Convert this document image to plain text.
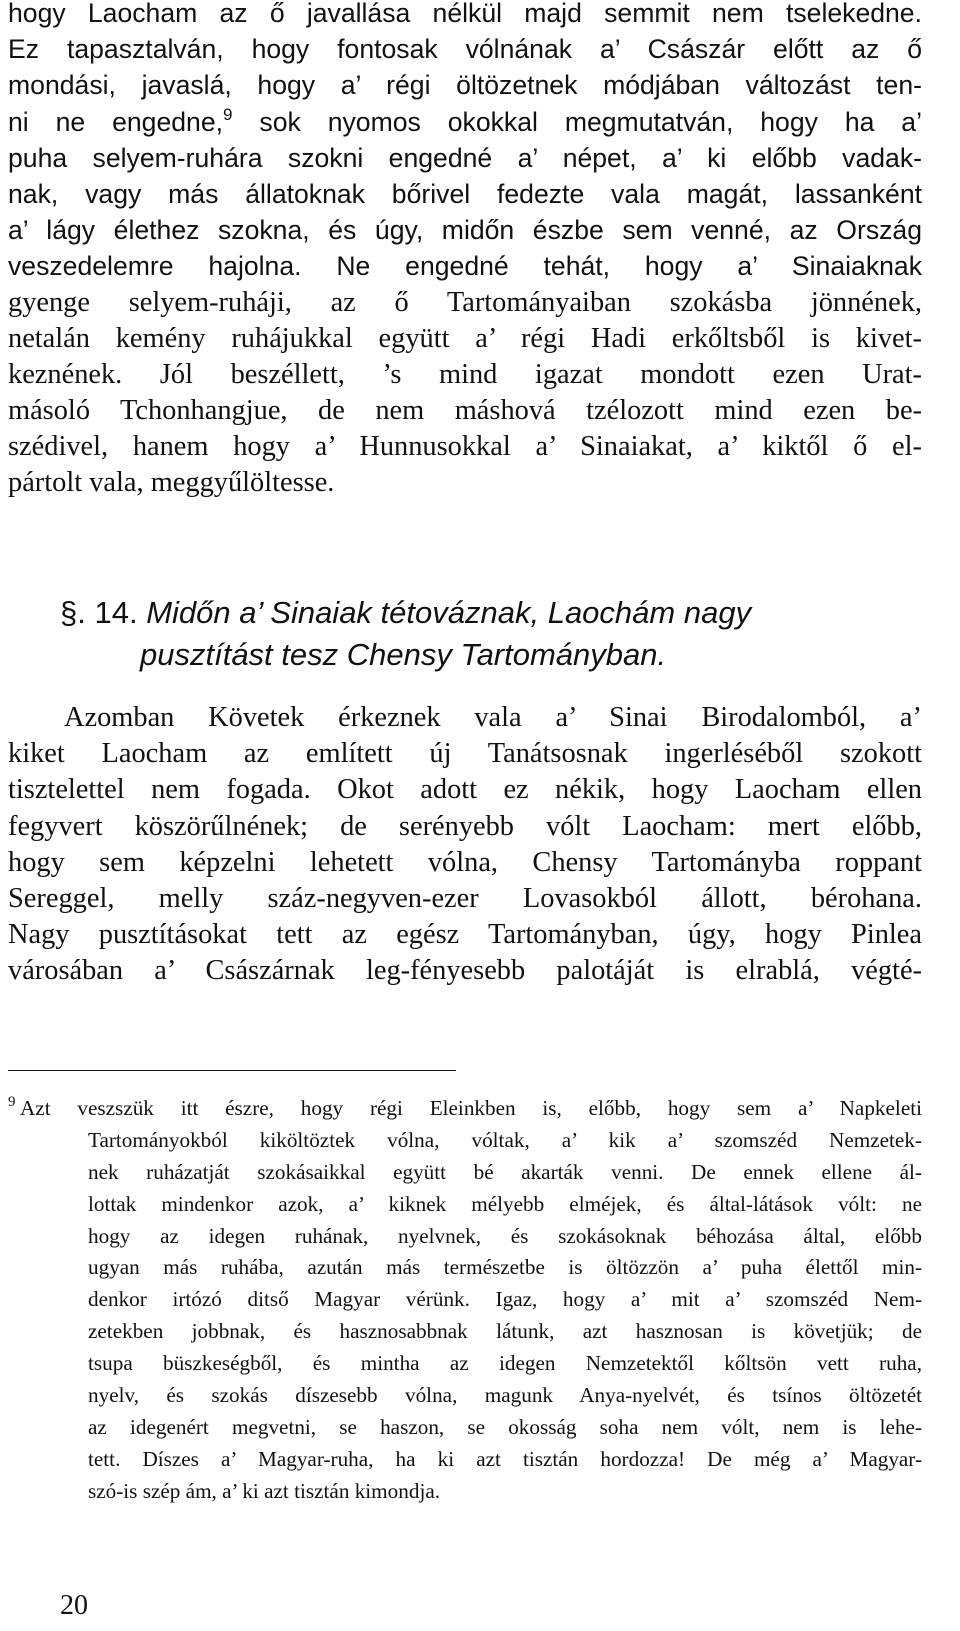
hogy Laocham az ő javallása nélkül majd semmit nem tselekedne.
Ez tapasztalván, hogy fontosak vólnának a’ Császár előtt az ő
mondási, javaslá, hogy a’ régi öltözetnek módjában változást ten-
ni ne engedne,$^9$ sok nyomos okokkal megmutatván, hogy ha a’
puha selyem-ruhára szokni engedné a’ népet, a’ ki előbb vadak-
nak, vagy más állatoknak bőrivel fedezte vala magát, lassanként
a’ lágy élethez szokna, és úgy, midőn észbe sem venné, az Ország
veszedelemre hajolna. Ne engedné tehát, hogy a’ Sinaiaknak
gyenge selyem-ruháji, az ő Tartományaiban szokásba jönnének,
netalán kemény ruhájukkal együtt a’ régi Hadi erkőltsből is kivet-
keznének. Jól beszéllett, ’s mind igazat mondott ezen Urat-
másoló Tchonhangjue, de nem máshová tzélozott mind ezen be-
szédivel, hanem hogy a’ Hunnusokkal a’ Sinaiakat, a’ kiktől ő el-
pártolt vala, meggyűlöltesse.
§. 14. Midőn a’ Sinaiak tétováznak, Laochám nagy
pusztítást tesz Chensy Tartományban.
Azomban Követek érkeznek vala a’ Sinai Birodalomból, a’
kiket Laocham az említett új Tanátsosnak ingerléséből szokott
tisztelettel nem fogada. Okot adott ez nékik, hogy Laocham ellen
fegyvert köszörűlnének; de serényebb vólt Laocham: mert előbb,
hogy sem képzelni lehetett vólna, Chensy Tartományba roppant
Sereggel, melly száz-negyven-ezer Lovasokból állott, bérohana.
Nagy pusztításokat tett az egész Tartományban, úgy, hogy Pinlea
városában a’ Császárnak leg-fényesebb palotáját is elrablá, végté-
9 Azt veszszük itt észre, hogy régi Eleinkben is, előbb, hogy sem a’ Napkeleti
Tartományokból kiköltöztek vólna, vóltak, a’ kik a’ szomszéd Nemzetek-
nek ruházatját szokásaikkal együtt bé akarták venni. De ennek ellene ál-
lottak mindenkor azok, a’ kiknek mélyebb elméjek, és által-látások vólt: ne
hogy az idegen ruhának, nyelvnek, és szokásoknak béhozása által, előbb
ugyan más ruhába, azután más természetbe is öltözzön a’ puha élettől min-
denkor irtózó ditső Magyar vérünk. Igaz, hogy a’ mit a’ szomszéd Nem-
zetekben jobbnak, és hasznosabbnak látunk, azt hasznosan is követjük; de
tsupa büszkeségből, és mintha az idegen Nemzetektől kőltsön vett ruha,
nyelv, és szokás díszesebb vólna, magunk Anya-nyelvét, és tsínos öltözetét
az idegenért megvetni, se haszon, se okosság soha nem vólt, nem is lehe-
tett. Díszes a’ Magyar-ruha, ha ki azt tisztán hordozza! De még a’ Magyar-
szó-is szép ám, a’ ki azt tisztán kimondja.
20
